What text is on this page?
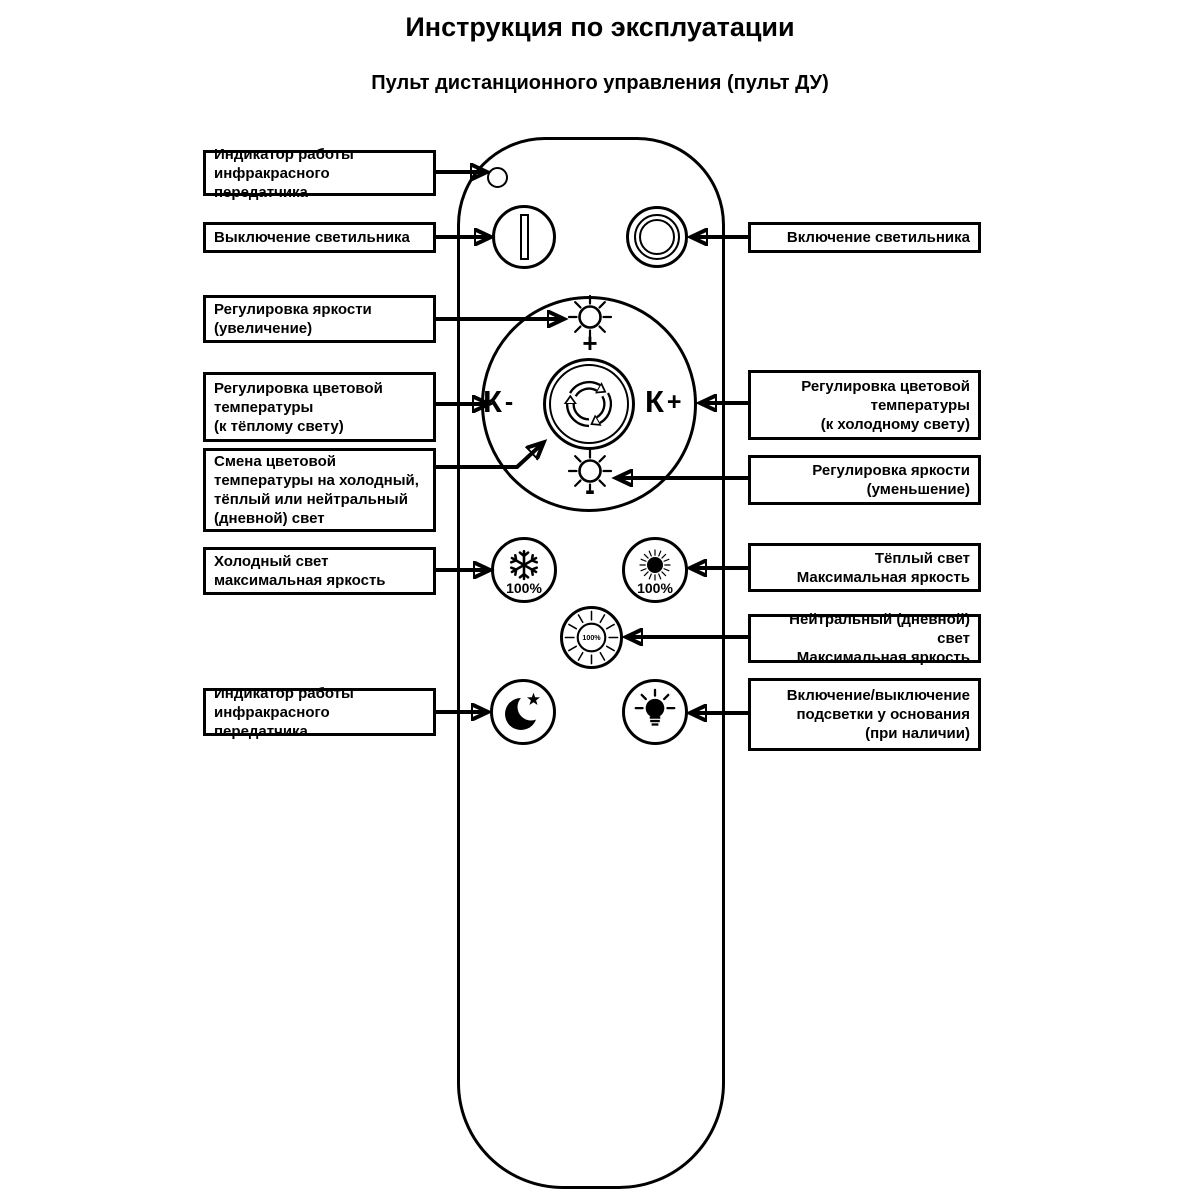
Инструкция по эксплуатации
Пульт дистанционного управления (пульт ДУ)
+
К -	К +
-
100%	100%
100%
Индикатор работы
инфракрасного передатчика
Выключение светильника
Регулировка яркости
(увеличение)
Регулировка цветовой
температуры
(к тёплому свету)
Смена цветовой
температуры на холодный,
тёплый или нейтральный
(дневной) свет
Холодный свет
максимальная яркость
Индикатор работы
инфракрасного передатчика
Включение светильника
Регулировка цветовой
температуры
(к холодному свету)
Регулировка яркости
(уменьшение)
Тёплый свет
Максимальная яркость
Нейтральный (дневной) свет
Максимальная яркость
Включение/выключение
подсветки у основания
(при наличии)
